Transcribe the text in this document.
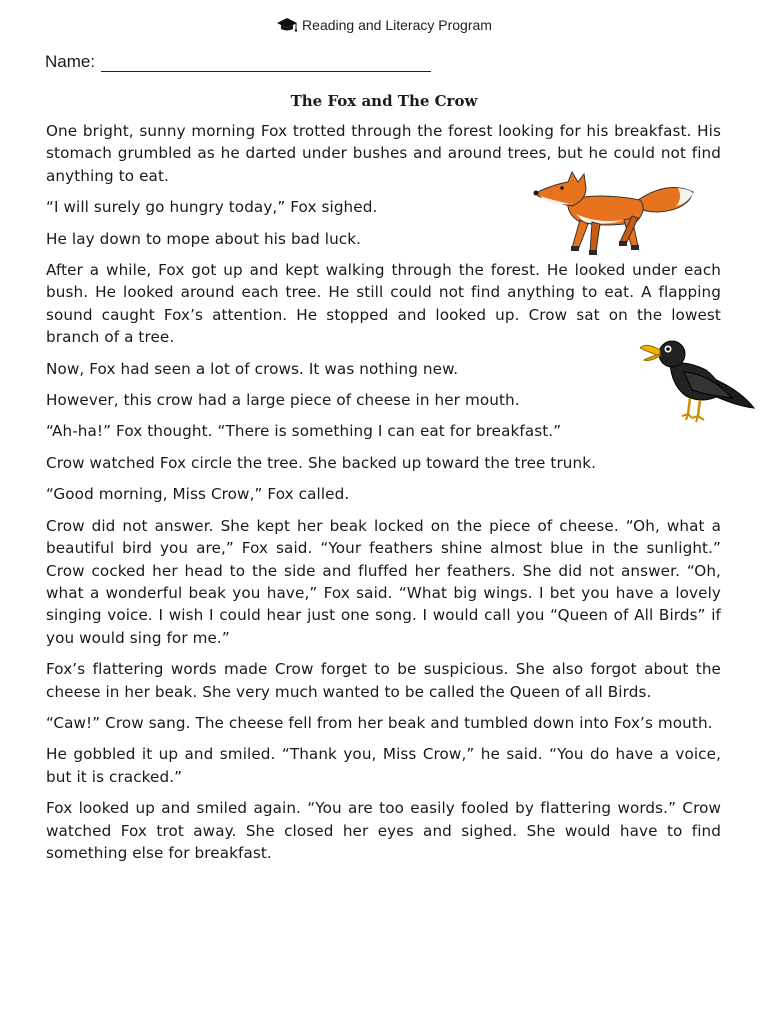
Reading and Literacy Program
Name:
The Fox and The Crow

One bright, sunny morning Fox trotted through the forest looking for his breakfast. His stomach grumbled as he darted under bushes and around trees, but he could not find anything to eat.

“I will surely go hungry today,” Fox sighed.

He lay down to mope about his bad luck.

After a while, Fox got up and kept walking through the forest. He looked under each bush. He looked around each tree. He still could not find anything to eat. A flapping sound caught Fox’s attention. He stopped and looked up. Crow sat on the lowest branch of a tree.

Now, Fox had seen a lot of crows. It was nothing new.

However, this crow had a large piece of cheese in her mouth.

“Ah-ha!” Fox thought. “There is something I can eat for breakfast.”

Crow watched Fox circle the tree. She backed up toward the tree trunk.

“Good morning, Miss Crow,” Fox called.

Crow did not answer. She kept her beak locked on the piece of cheese. “Oh, what a beautiful bird you are,” Fox said. “Your feathers shine almost blue in the sunlight.” Crow cocked her head to the side and fluffed her feathers. She did not answer. “Oh, what a wonderful beak you have,” Fox said. “What big wings. I bet you have a lovely singing voice. I wish I could hear just one song. I would call you “Queen of All Birds” if you would sing for me.”

Fox’s flattering words made Crow forget to be suspicious. She also forgot about the cheese in her beak. She very much wanted to be called the Queen of all Birds.

“Caw!” Crow sang. The cheese fell from her beak and tumbled down into Fox’s mouth.

He gobbled it up and smiled. “Thank you, Miss Crow,” he said. “You do have a voice, but it is cracked.”

Fox looked up and smiled again. “You are too easily fooled by flattering words.” Crow watched Fox trot away. She closed her eyes and sighed. She would have to find something else for breakfast.
